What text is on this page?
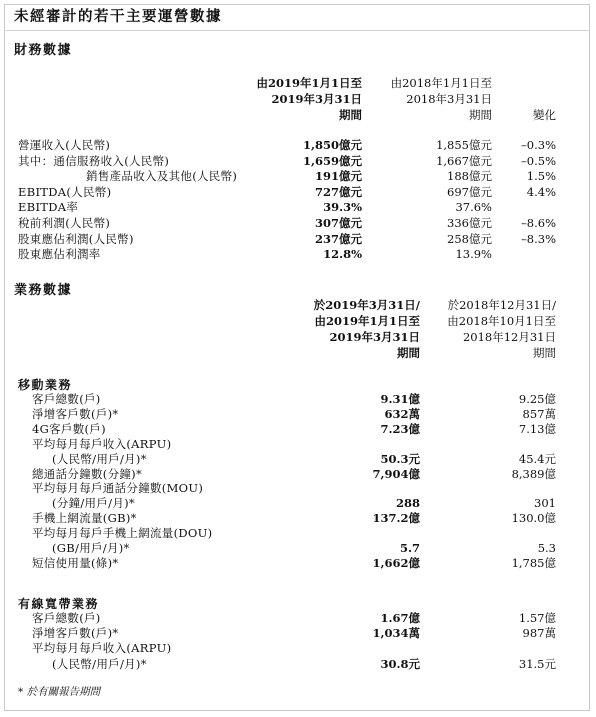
未經審計的若干主要運營數據
財務數據
由2019年1月1日至
2019年3月31日
期間
由2018年1月1日至
2018年3月31日
期間	變化
營運收入(人民幣)	1,850億元	1,855億元	–0.3%
其中：通信服務收入(人民幣)	1,659億元	1,667億元	–0.5%
銷售產品收入及其他(人民幣)	191億元	188億元	1.5%
EBITDA(人民幣)	727億元	697億元	4.4%
EBITDA率	39.3%	37.6%
稅前利潤(人民幣)	307億元	336億元	–8.6%
股東應佔利潤(人民幣)	237億元	258億元	–8.3%
股東應佔利潤率	12.8%	13.9%
業務數據
於2019年3月31日/
由2019年1月1日至
2019年3月31日
期間
於2018年12月31日/
由2018年10月1日至
2018年12月31日
期間
移動業務
客戶總數(戶)	9.31億	9.25億
淨增客戶數(戶)*	632萬	857萬
4G客戶數(戶)	7.23億	7.13億
平均每月每戶收入(ARPU)
(人民幣/用戶/月)*	50.3元	45.4元
總通話分鐘數(分鐘)*	7,904億	8,389億
平均每月每戶通話分鐘數(MOU)
(分鐘/用戶/月)*	288	301
手機上網流量(GB)*	137.2億	130.0億
平均每月每戶手機上網流量(DOU)
(GB/用戶/月)*	5.7	5.3
短信使用量(條)*	1,662億	1,785億
有線寬帶業務
客戶總數(戶)	1.67億	1.57億
淨增客戶數(戶)*	1,034萬	987萬
平均每月每戶收入(ARPU)
(人民幣/用戶/月)*	30.8元	31.5元
* 於有關報告期間
